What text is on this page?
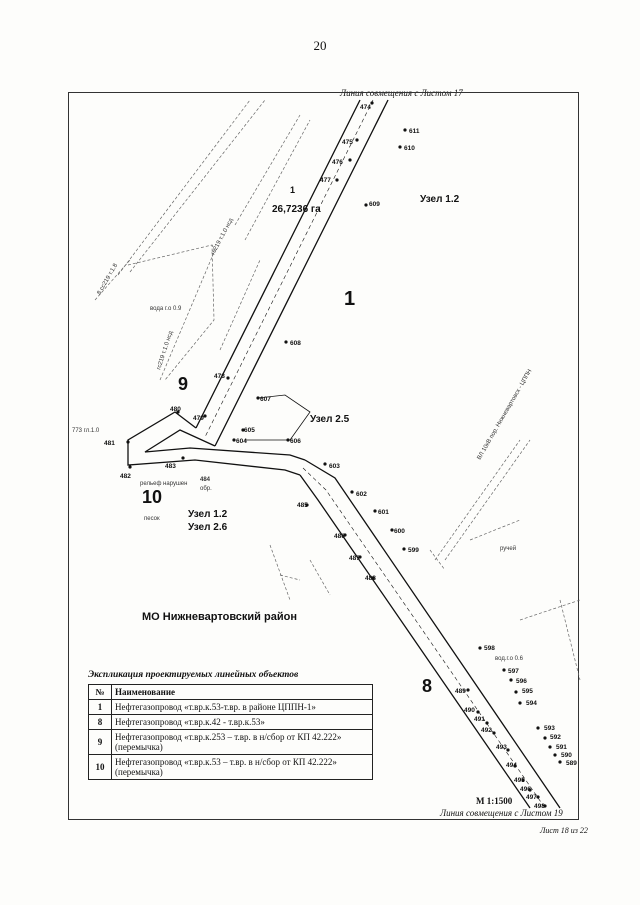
20
Линия совмещения с Листом 17
474
475
476
477
478
479
480
481
482
483
485
486
487
488
489
490
491
492
493
494
495
496
497
498
589
590
591
592
593
594
595
596
597
598
599
600
601
602
603
604
605
606
607
608
609
610
611
1
26,7236 га
Узел 1.2
Узел 2.5
Узел 1.2
Узел 2.6
МО Нижневартовский район
1
9
10
8
рельеф нарушен
песок
вода г.о 0.9
484
обр.
ручей
вод.г.о 0.6
773 гл.1.0
гс219 т.1.0 нсд
гс219 т.1.0 нсд
8 сс219 т.1.8
ВЛ 10кВ пор. Нижневартовск - ЦППН
Экспликация проектируемых линейных объектов
№	Наименование
1	Нефтегазопровод «т.вр.к.53-т.вр. в районе ЦППН-1»
8	Нефтегазопровод «т.вр.к.42 - т.вр.к.53»
9	Нефтегазопровод «т.вр.к.253 – т.вр. в н/сбор от КП 42.222» (перемычка)
10	Нефтегазопровод «т.вр.к.53 – т.вр. в н/сбор от КП 42.222» (перемычка)
М 1:1500
Линия совмещения с Листом 19
Лист 18 из 22
